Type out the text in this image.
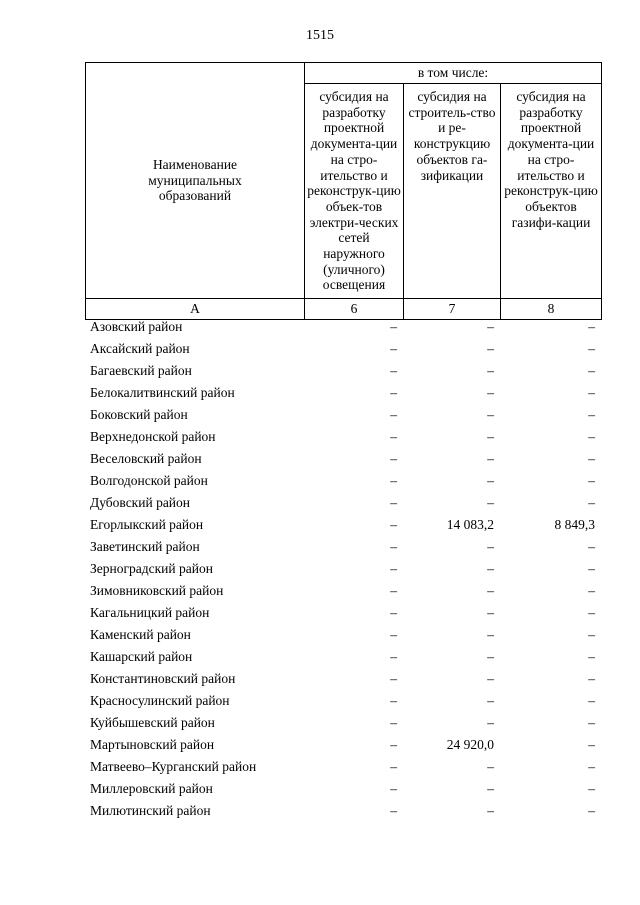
1515
Наименование муниципальных образований	в том числе:		
	субсидия на разработку проектной документа-ции на стро-ительство и реконструк-цию объек-тов электри-ческих сетей наружного (уличного) освещения	субсидия на строитель-ство и ре-конструкцию объектов га-зификации	субсидия на разработку проектной документа-ции на стро-ительство и реконструк-цию объектов газифи-кации
А	6	7	8
Азовский район	–	–	–
Аксайский район	–	–	–
Багаевский район	–	–	–
Белокалитвинский район	–	–	–
Боковский район	–	–	–
Верхнедонской район	–	–	–
Веселовский район	–	–	–
Волгодонской район	–	–	–
Дубовский район	–	–	–
Егорлыкский район	–	14 083,2	8 849,3
Заветинский район	–	–	–
Зерноградский район	–	–	–
Зимовниковский район	–	–	–
Кагальницкий район	–	–	–
Каменский район	–	–	–
Кашарский район	–	–	–
Константиновский район	–	–	–
Красносулинский район	–	–	–
Куйбышевский район	–	–	–
Мартыновский район	–	24 920,0	–
Матвеево–Курганский район	–	–	–
Миллеровский район	–	–	–
Милютинский район	–	–	–
